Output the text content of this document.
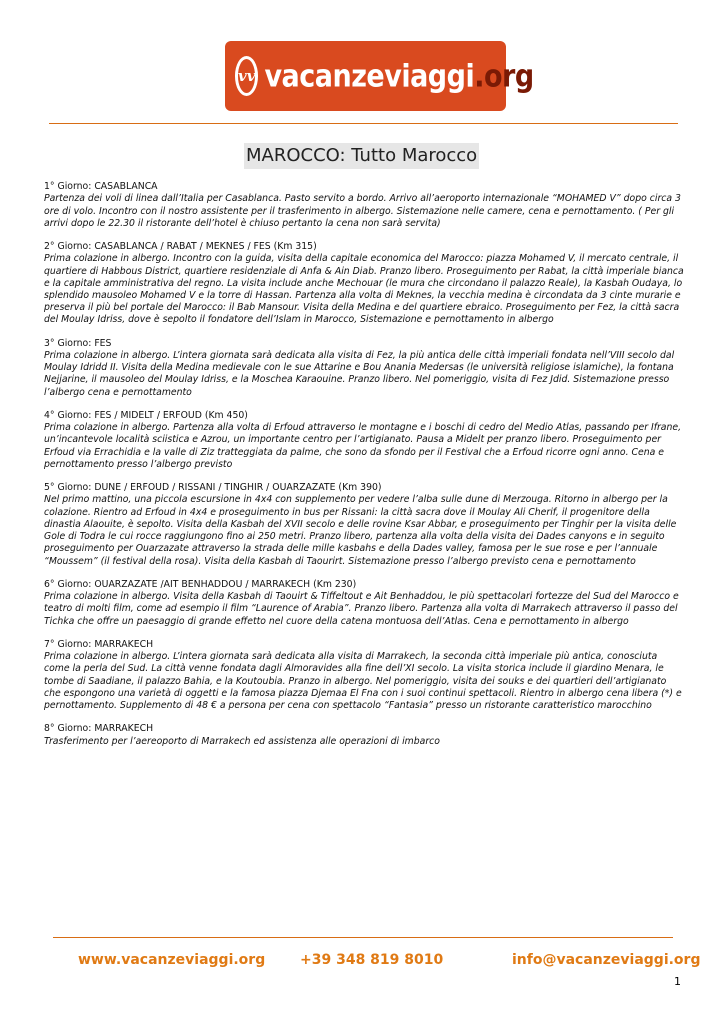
vv vacanzeviaggi.org
MAROCCO: Tutto Marocco
1° Giorno: CASABLANCA

Partenza dei voli di linea dall’Italia per Casablanca. Pasto servito a bordo. Arrivo all’aeroporto internazionale “MOHAMED V” dopo circa 3 ore di volo. Incontro con il nostro assistente per il trasferimento in albergo. Sistemazione nelle camere, cena e pernottamento. ( Per gli arrivi dopo le 22.30 il ristorante dell’hotel è chiuso pertanto la cena non sarà servita)

2° Giorno: CASABLANCA / RABAT / MEKNES / FES (Km 315)

Prima colazione in albergo. Incontro con la guida, visita della capitale economica del Marocco: piazza Mohamed V, il mercato centrale, il quartiere di Habbous District, quartiere residenziale di Anfa & Ain Diab. Pranzo libero. Proseguimento per Rabat, la città imperiale bianca e la capitale amministrativa del regno. La visita include anche Mechouar (le mura che circondano il palazzo Reale), la Kasbah Oudaya, lo splendido mausoleo Mohamed V e la torre di Hassan. Partenza alla volta di Meknes, la vecchia medina è circondata da 3 cinte murarie e preserva il più bel portale del Marocco: il Bab Mansour. Visita della Medina e del quartiere ebraico. Proseguimento per Fez, la città sacra del Moulay Idriss, dove è sepolto il fondatore dell’Islam in Marocco, Sistemazione e pernottamento in albergo

3° Giorno: FES

Prima colazione in albergo. L’intera giornata sarà dedicata alla visita di Fez, la più antica delle città imperiali fondata nell’VIII secolo dal Moulay Idridd II. Visita della Medina medievale con le sue Attarine e Bou Anania Medersas (le università religiose islamiche), la fontana Nejjarine, il mausoleo del Moulay Idriss, e la Moschea Karaouine. Pranzo libero. Nel pomeriggio, visita di Fez Jdid. Sistemazione presso l’albergo cena e pernottamento

4° Giorno: FES / MIDELT / ERFOUD (Km 450)

Prima colazione in albergo. Partenza alla volta di Erfoud attraverso le montagne e i boschi di cedro del Medio Atlas, passando per Ifrane, un’incantevole località sciistica e Azrou, un importante centro per l’artigianato. Pausa a Midelt per pranzo libero. Proseguimento per Erfoud via Errachidia e la valle di Ziz tratteggiata da palme, che sono da sfondo per il Festival che a Erfoud ricorre ogni anno. Cena e pernottamento presso l’albergo previsto

5° Giorno: DUNE / ERFOUD / RISSANI / TINGHIR / OUARZAZATE (Km 390)

Nel primo mattino, una piccola escursione in 4x4 con supplemento per vedere l’alba sulle dune di Merzouga. Ritorno in albergo per la colazione. Rientro ad Erfoud in 4x4 e proseguimento in bus per Rissani: la città sacra dove il Moulay Ali Cherif, il progenitore della dinastia Alaouite, è sepolto. Visita della Kasbah del XVII secolo e delle rovine Ksar Abbar, e proseguimento per Tinghir per la visita delle Gole di Todra le cui rocce raggiungono fino ai 250 metri. Pranzo libero, partenza alla volta della visita dei Dades canyons e in seguito proseguimento per Ouarzazate attraverso la strada delle mille kasbahs e della Dades valley, famosa per le sue rose e per l’annuale “Moussem” (il festival della rosa). Visita della Kasbah di Taourirt. Sistemazione presso l’albergo previsto cena e pernottamento

6° Giorno: OUARZAZATE /AIT BENHADDOU / MARRAKECH (Km 230)

Prima colazione in albergo. Visita della Kasbah di Taouirt & Tiffeltout e Ait Benhaddou, le più spettacolari fortezze del Sud del Marocco e teatro di molti film, come ad esempio il film “Laurence of Arabia”. Pranzo libero. Partenza alla volta di Marrakech attraverso il passo del Tichka che offre un paesaggio di grande effetto nel cuore della catena montuosa dell’Atlas. Cena e pernottamento in albergo

7° Giorno: MARRAKECH

Prima colazione in albergo. L’intera giornata sarà dedicata alla visita di Marrakech, la seconda città imperiale più antica, conosciuta come la perla del Sud. La città venne fondata dagli Almoravides alla fine dell’XI secolo. La visita storica include il giardino Menara, le tombe di Saadiane, il palazzo Bahia, e la Koutoubia. Pranzo in albergo. Nel pomeriggio, visita dei souks e dei quartieri dell’artigianato che espongono una varietà di oggetti e la famosa piazza Djemaa El Fna con i suoi continui spettacoli. Rientro in albergo cena libera (*) e pernottamento. Supplemento di 48 € a persona per cena con spettacolo “Fantasia” presso un ristorante caratteristico marocchino

8° Giorno: MARRAKECH

Trasferimento per l’aereoporto di Marrakech ed assistenza alle operazioni di imbarco

www.vacanzeviaggi.org +39 348 819 8010	info@vacanzeviaggi.org
1
